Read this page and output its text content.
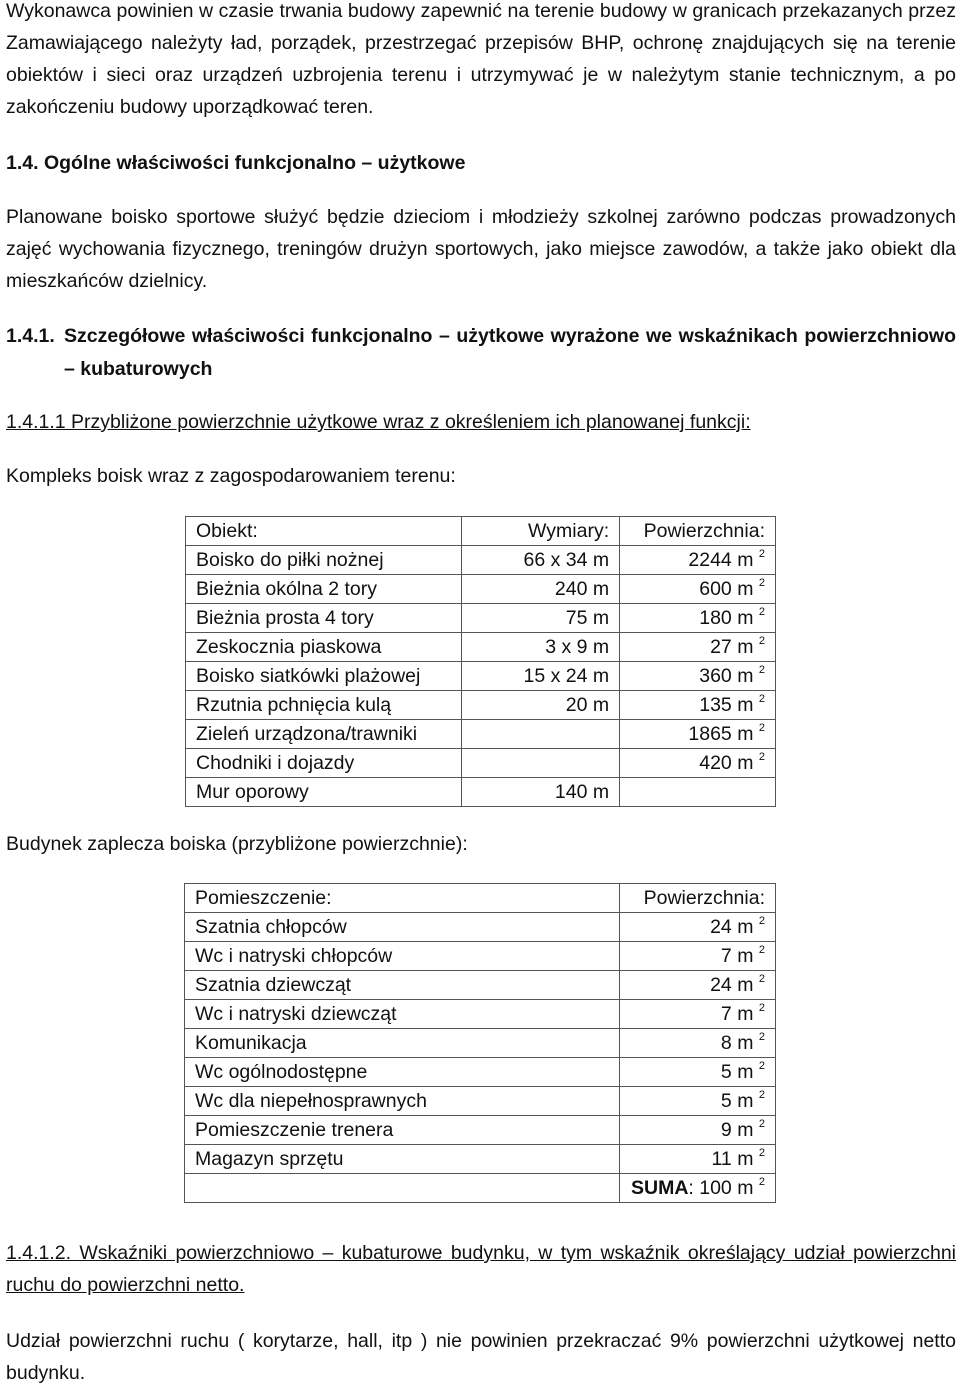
Wykonawca powinien w czasie trwania budowy zapewnić na terenie budowy w granicach przekazanych przez Zamawiającego należyty ład, porządek, przestrzegać przepisów BHP, ochronę znajdujących się na terenie obiektów i sieci oraz urządzeń uzbrojenia terenu i utrzymywać je w należytym stanie technicznym, a po zakończeniu budowy uporządkować teren.

1.4. Ogólne właściwości funkcjonalno – użytkowe

Planowane boisko sportowe służyć będzie dzieciom i młodzieży szkolnej zarówno podczas prowadzonych zajęć wychowania fizycznego, treningów drużyn sportowych, jako miejsce zawodów, a także jako obiekt dla mieszkańców dzielnicy.

1.4.1. Szczegółowe właściwości funkcjonalno – użytkowe wyrażone we wskaźnikach powierzchniowo – kubaturowych

1.4.1.1 Przybliżone powierzchnie użytkowe wraz z określeniem ich planowanej funkcji:

Kompleks boisk wraz z zagospodarowaniem terenu:

Obiekt:	Wymiary:	Powierzchnia:
Boisko do piłki nożnej	66 x 34 m	2244 m $^2$
Bieżnia okólna 2 tory	240 m	600 m $^2$
Bieżnia prosta 4 tory	75 m	180 m $^2$
Zeskocznia piaskowa	3 x 9 m	27 m $^2$
Boisko siatkówki plażowej	15 x 24 m	360 m $^2$
Rzutnia pchnięcia kulą	20 m	135 m $^2$
Zieleń urządzona/trawniki		1865 m $^2$
Chodniki i dojazdy		420 m $^2$
Mur oporowy	140 m	

Budynek zaplecza boiska (przybliżone powierzchnie):

Pomieszczenie:	Powierzchnia:
Szatnia chłopców	24 m $^2$
Wc i natryski chłopców	7 m $^2$
Szatnia dziewcząt	24 m $^2$
Wc i natryski dziewcząt	7 m $^2$
Komunikacja	8 m $^2$
Wc ogólnodostępne	5 m $^2$
Wc dla niepełnosprawnych	5 m $^2$
Pomieszczenie trenera	9 m $^2$
Magazyn sprzętu	11 m $^2$
	SUMA: 100 m $^2$

1.4.1.2. Wskaźniki powierzchniowo – kubaturowe budynku, w tym wskaźnik określający udział powierzchni ruchu do powierzchni netto.

Udział powierzchni ruchu ( korytarze, hall, itp ) nie powinien przekraczać 9% powierzchni użytkowej netto budynku.
